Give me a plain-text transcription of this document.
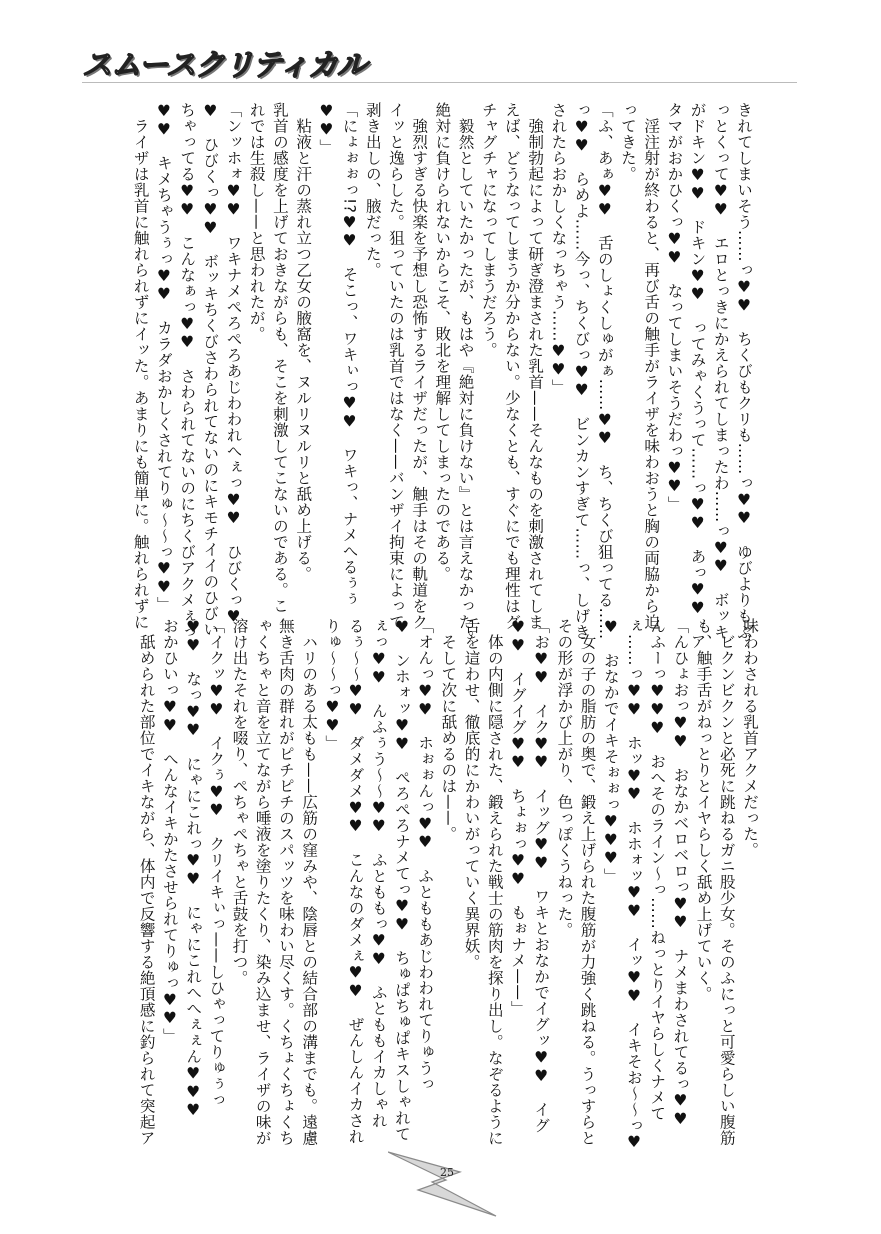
スムースクリティカル
きれてしまいそう……っ♥♥　ちくびもクリも……っ♥♥　ゆびよりもぶ
っとくって♥♥　エロとっきにかえられてしまったわ……っ♥♥　ボッキ
がドキン♥♥　ドキン♥♥　ってみゃくうって……っ♥♥　あっ♥♥　ア
タマがおかひくっ♥♥　なってしまいそうだわっ♥♥」
　淫注射が終わると、再び舌の触手がライザを味わおうと胸の両脇から迫
ってきた。
「ふ、あぁ♥♥　舌のしょくしゅがぁ……♥♥　ち、ちくび狙ってる……
っ♥♥　らめよ……今っ、ちくびっ♥♥　ビンカンすぎて……っ、しげき
されたらおかしくなっちゃう……♥♥」
　強制勃起によって研ぎ澄まされた乳首——そんなものを刺激されてしま
えば、どうなってしまうか分からない。少なくとも、すぐにでも理性はグ
チャグチャになってしまうだろう。
　毅然としていたかったが、もはや『絶対に負けない』とは言えなかった。
絶対に負けられないからこそ、敗北を理解してしまったのである。
　強烈すぎる快楽を予想し恐怖するライザだったが、触手はその軌道をク
イッと逸らした。狙っていたのは乳首ではなく——バンザイ拘束によって
剥き出しの、腋だった。
「にょぉぉっ!?♥♥　そこっ、ワキぃっ♥♥　ワキっ、ナメへるぅぅ
♥♥」
　粘液と汗の蒸れ立つ乙女の腋窩を、ヌルリヌルリと舐め上げる。
乳首の感度を上げておきながらも、そこを刺激してこないのである。こ
れでは生殺し——と思われたが。
「ンッホォ♥♥　ワキナメぺろぺろあじわわれへぇっ♥♥　ひびくっ♥
♥　ひびくっ♥♥　ボッキちくびさわられてないのにキモチイイのひびい
ちゃってる♥♥　こんなぁっ♥♥　さわられてないのにちくびアクメぇっ
♥♥　キメちゃうぅっ♥♥　カラダおかしくされてりゅ〜〜っ♥♥」
　ライザは乳首に触れられずにイッた。あまりにも簡単に。触れられずに
味わわされる乳首アクメだった。
　ビクンビクンと必死に跳ねるガニ股少女。そのふにっと可愛らしい腹筋
も、触手舌がねっとりとイヤらしく舐め上げていく。
「んひょおっ♥♥　おなかベロベロっ♥♥　ナメまわされてるっ♥♥
んふーっ♥♥♥　おへそのライン〜っ……ねっとりイヤらしくナメて
ぇ……っ♥♥　ホッ♥♥　ホホォッ♥♥　イッ♥♥　イキそお〜〜っ♥
♥　おなかでイキそぉぉっ♥♥♥」
　女の子の脂肪の奥で、鍛え上げられた腹筋が力強く跳ねる。うっすらと
その形が浮かび上がり、色っぽくうねった。
「お♥♥　イク♥♥　イッグ♥♥　ワキとおなかでイグッ♥♥　イグ
♥♥　イグイグ♥♥　ちょぉっ♥♥　もぉナメ——」
　体の内側に隠された、鍛えられた戦士の筋肉を探り出し。なぞるように
舌を這わせ、徹底的にかわいがっていく異界妖。
　そして次に舐めるのは——。
「オんっ♥♥　ホぉぉんっ♥♥　ふとももあじわわれてりゅうっ
♥　ンホォッ♥♥　ぺろぺろナメてっ♥♥　ちゅぱちゅぱキスしゃれて
ぇっ♥♥　んふぅう〜〜♥♥　ふとももっ♥♥　ふとももイカしゃれ
るぅ〜〜♥♥　ダメダメ♥♥　こんなのダメぇ♥♥　ぜんしんイカされ
りゅ〜〜っ♥♥」
　ハリのある太もも——広筋の窪みや、陰唇との結合部の溝までも。遠慮
無き舌肉の群れがピチピチのスパッツを味わい尽くす。くちょくちょくち
ゃくちゃと音を立てながら唾液を塗りたくり、染み込ませ、ライザの味が
溶け出たそれを啜り、ぺちゃぺちゃと舌鼓を打つ。
「イクッ♥♥　イクぅ♥♥　クリイキぃっ——しひゃってりゅぅっ
♥♥　なっ♥♥　にゃにこれっ♥♥　にゃにこれへへぇぇん♥♥♥
おかひいっ♥♥　へんなイキかたさせられてりゅっ♥♥」
　舐められた部位でイキながら、体内で反響する絶頂感に釣られて突起ア
25
